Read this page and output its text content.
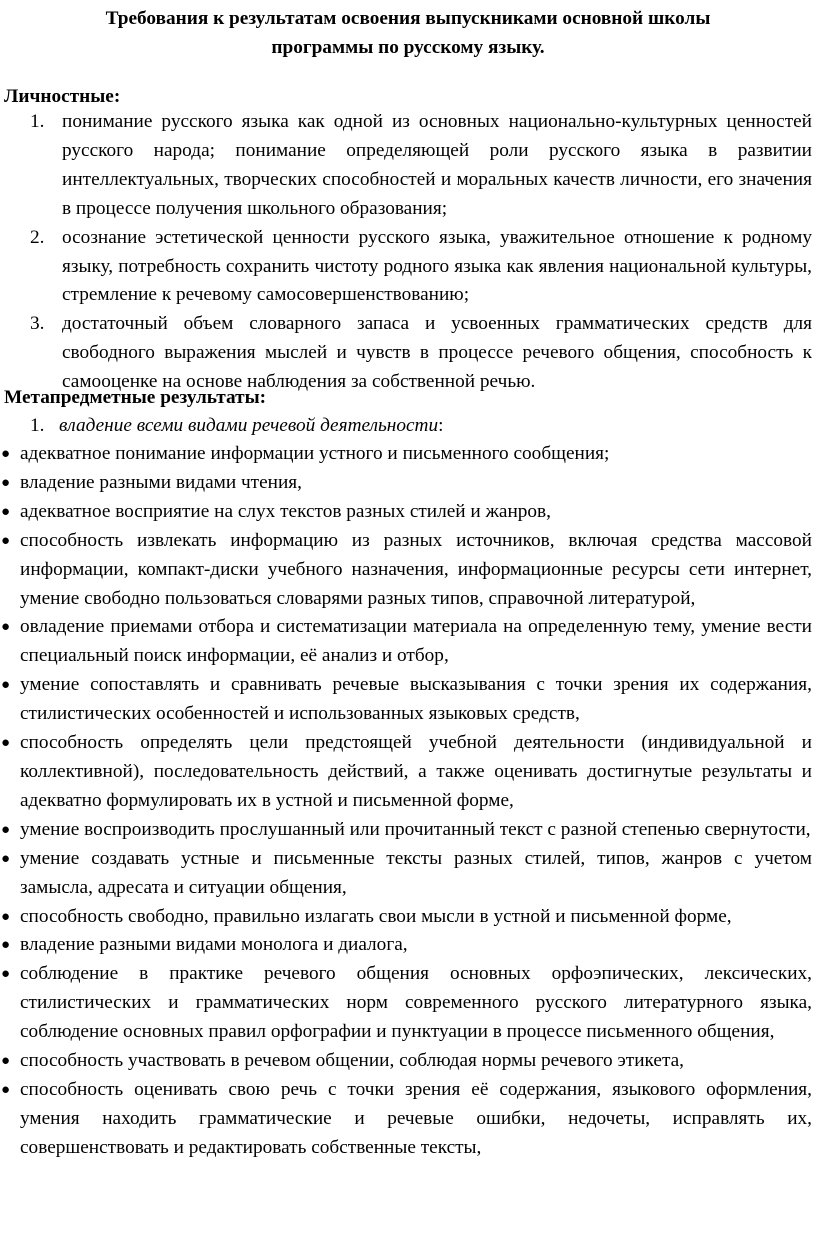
Требования к результатам освоения выпускниками основной школы
программы по русскому языку.
Личностные:
1. понимание русского языка как одной из основных национально-культурных ценностей русского народа; понимание определяющей роли русского языка в развитии интеллектуальных, творческих способностей и моральных качеств личности, его значения в процессе получения школьного образования;
2. осознание эстетической ценности русского языка, уважительное отношение к родному языку, потребность сохранить чистоту родного языка как явления национальной культуры, стремление к речевому самосовершенствованию;
3. достаточный объем словарного запаса и усвоенных грамматических средств для свободного выражения мыслей и чувств в процессе речевого общения, способность к самооценке на основе наблюдения за собственной речью.
Метапредметные результаты:
1. владение всеми видами речевой деятельности:
● адекватное понимание информации устного и письменного сообщения;
● владение разными видами чтения,
● адекватное восприятие на слух текстов разных стилей и жанров,
● способность извлекать информацию из разных источников, включая средства массовой информации, компакт-диски учебного назначения, информационные ресурсы сети интернет, умение свободно пользоваться словарями разных типов, справочной литературой,
● овладение приемами отбора и систематизации материала на определенную тему, умение вести специальный поиск информации, её анализ и отбор,
● умение сопоставлять и сравнивать речевые высказывания с точки зрения их содержания, стилистических особенностей и использованных языковых средств,
● способность определять цели предстоящей учебной деятельности (индивидуальной и коллективной), последовательность действий, а также оценивать достигнутые результаты и адекватно формулировать их в устной и письменной форме,
● умение воспроизводить прослушанный или прочитанный текст с разной степенью свернутости,
● умение создавать устные и письменные тексты разных стилей, типов, жанров с учетом замысла, адресата и ситуации общения,
● способность свободно, правильно излагать свои мысли в устной и письменной форме,
● владение разными видами монолога и диалога,
● соблюдение в практике речевого общения основных орфоэпических, лексических, стилистических и грамматических норм современного русского литературного языка, соблюдение основных правил орфографии и пунктуации в процессе письменного общения,
● способность участвовать в речевом общении, соблюдая нормы речевого этикета,
● способность оценивать свою речь с точки зрения её содержания, языкового оформления, умения находить грамматические и речевые ошибки, недочеты, исправлять их, совершенствовать и редактировать собственные тексты,
